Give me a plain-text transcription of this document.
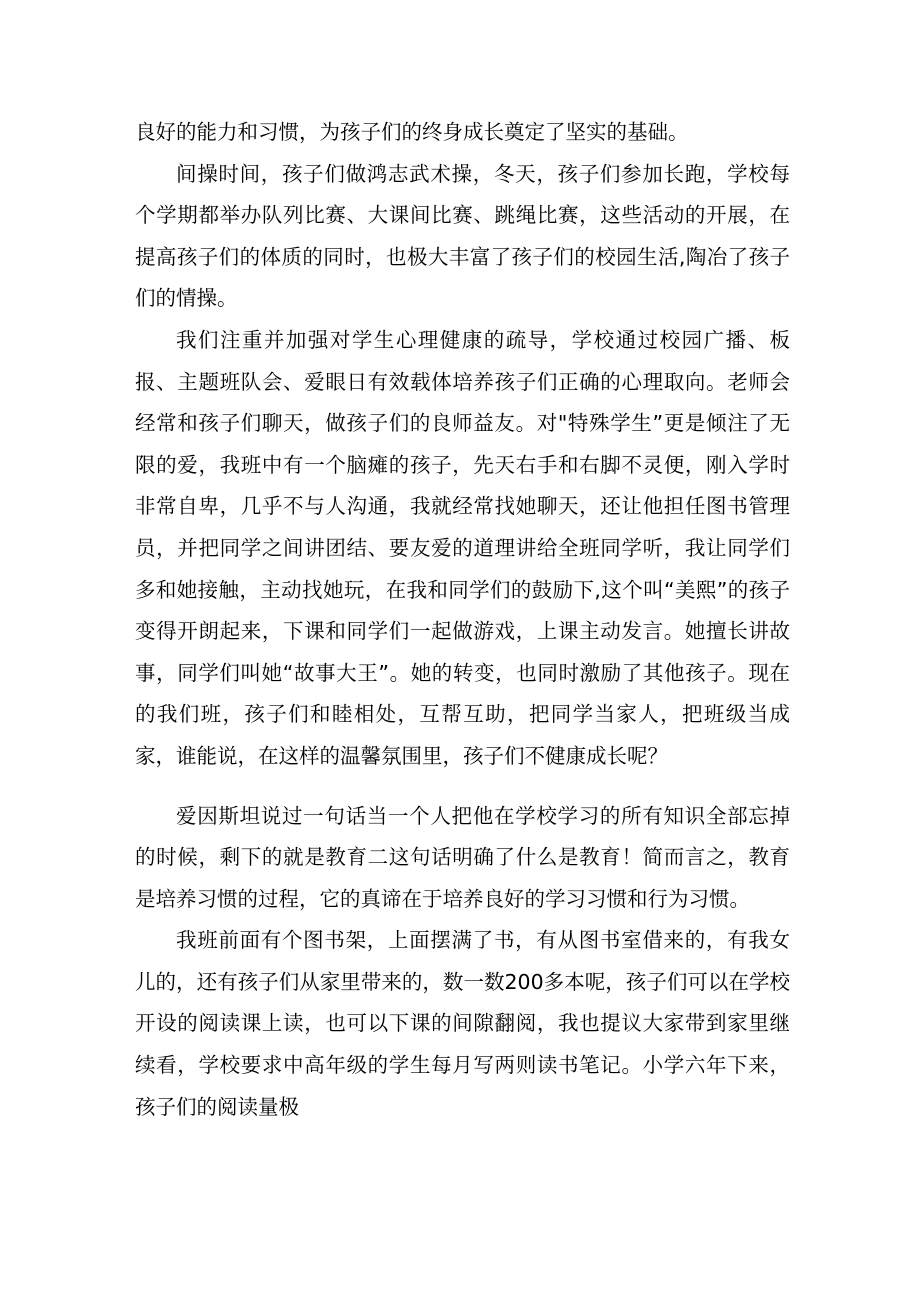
良好的能力和习惯，为孩子们的终身成长奠定了坚实的基础。

间操时间，孩子们做鸿志武术操，冬天，孩子们参加长跑，学校每个学期都举办队列比赛、大课间比赛、跳绳比赛，这些活动的开展，在提高孩子们的体质的同时，也极大丰富了孩子们的校园生活,陶冶了孩子们的情操。

我们注重并加强对学生心理健康的疏导，学校通过校园广播、板报、主题班队会、爱眼日有效载体培养孩子们正确的心理取向。老师会经常和孩子们聊天，做孩子们的良师益友。对"特殊学生”更是倾注了无限的爱，我班中有一个脑瘫的孩子，先天右手和右脚不灵便，刚入学时非常自卑，几乎不与人沟通，我就经常找她聊天，还让他担任图书管理员，并把同学之间讲团结、要友爱的道理讲给全班同学听，我让同学们多和她接触，主动找她玩，在我和同学们的鼓励下,这个叫“美熙”的孩子变得开朗起来，下课和同学们一起做游戏，上课主动发言。她擅长讲故事，同学们叫她“故事大王”。她的转变，也同时激励了其他孩子。现在的我们班，孩子们和睦相处，互帮互助，把同学当家人，把班级当成家，谁能说，在这样的温馨氛围里，孩子们不健康成长呢？

爱因斯坦说过一句话当一个人把他在学校学习的所有知识全部忘掉的时候，剩下的就是教育二这句话明确了什么是教育！简而言之，教育是培养习惯的过程，它的真谛在于培养良好的学习习惯和行为习惯。

我班前面有个图书架，上面摆满了书，有从图书室借来的，有我女儿的，还有孩子们从家里带来的，数一数200多本呢，孩子们可以在学校开设的阅读课上读，也可以下课的间隙翻阅，我也提议大家带到家里继续看，学校要求中高年级的学生每月写两则读书笔记。小学六年下来，孩子们的阅读量极
